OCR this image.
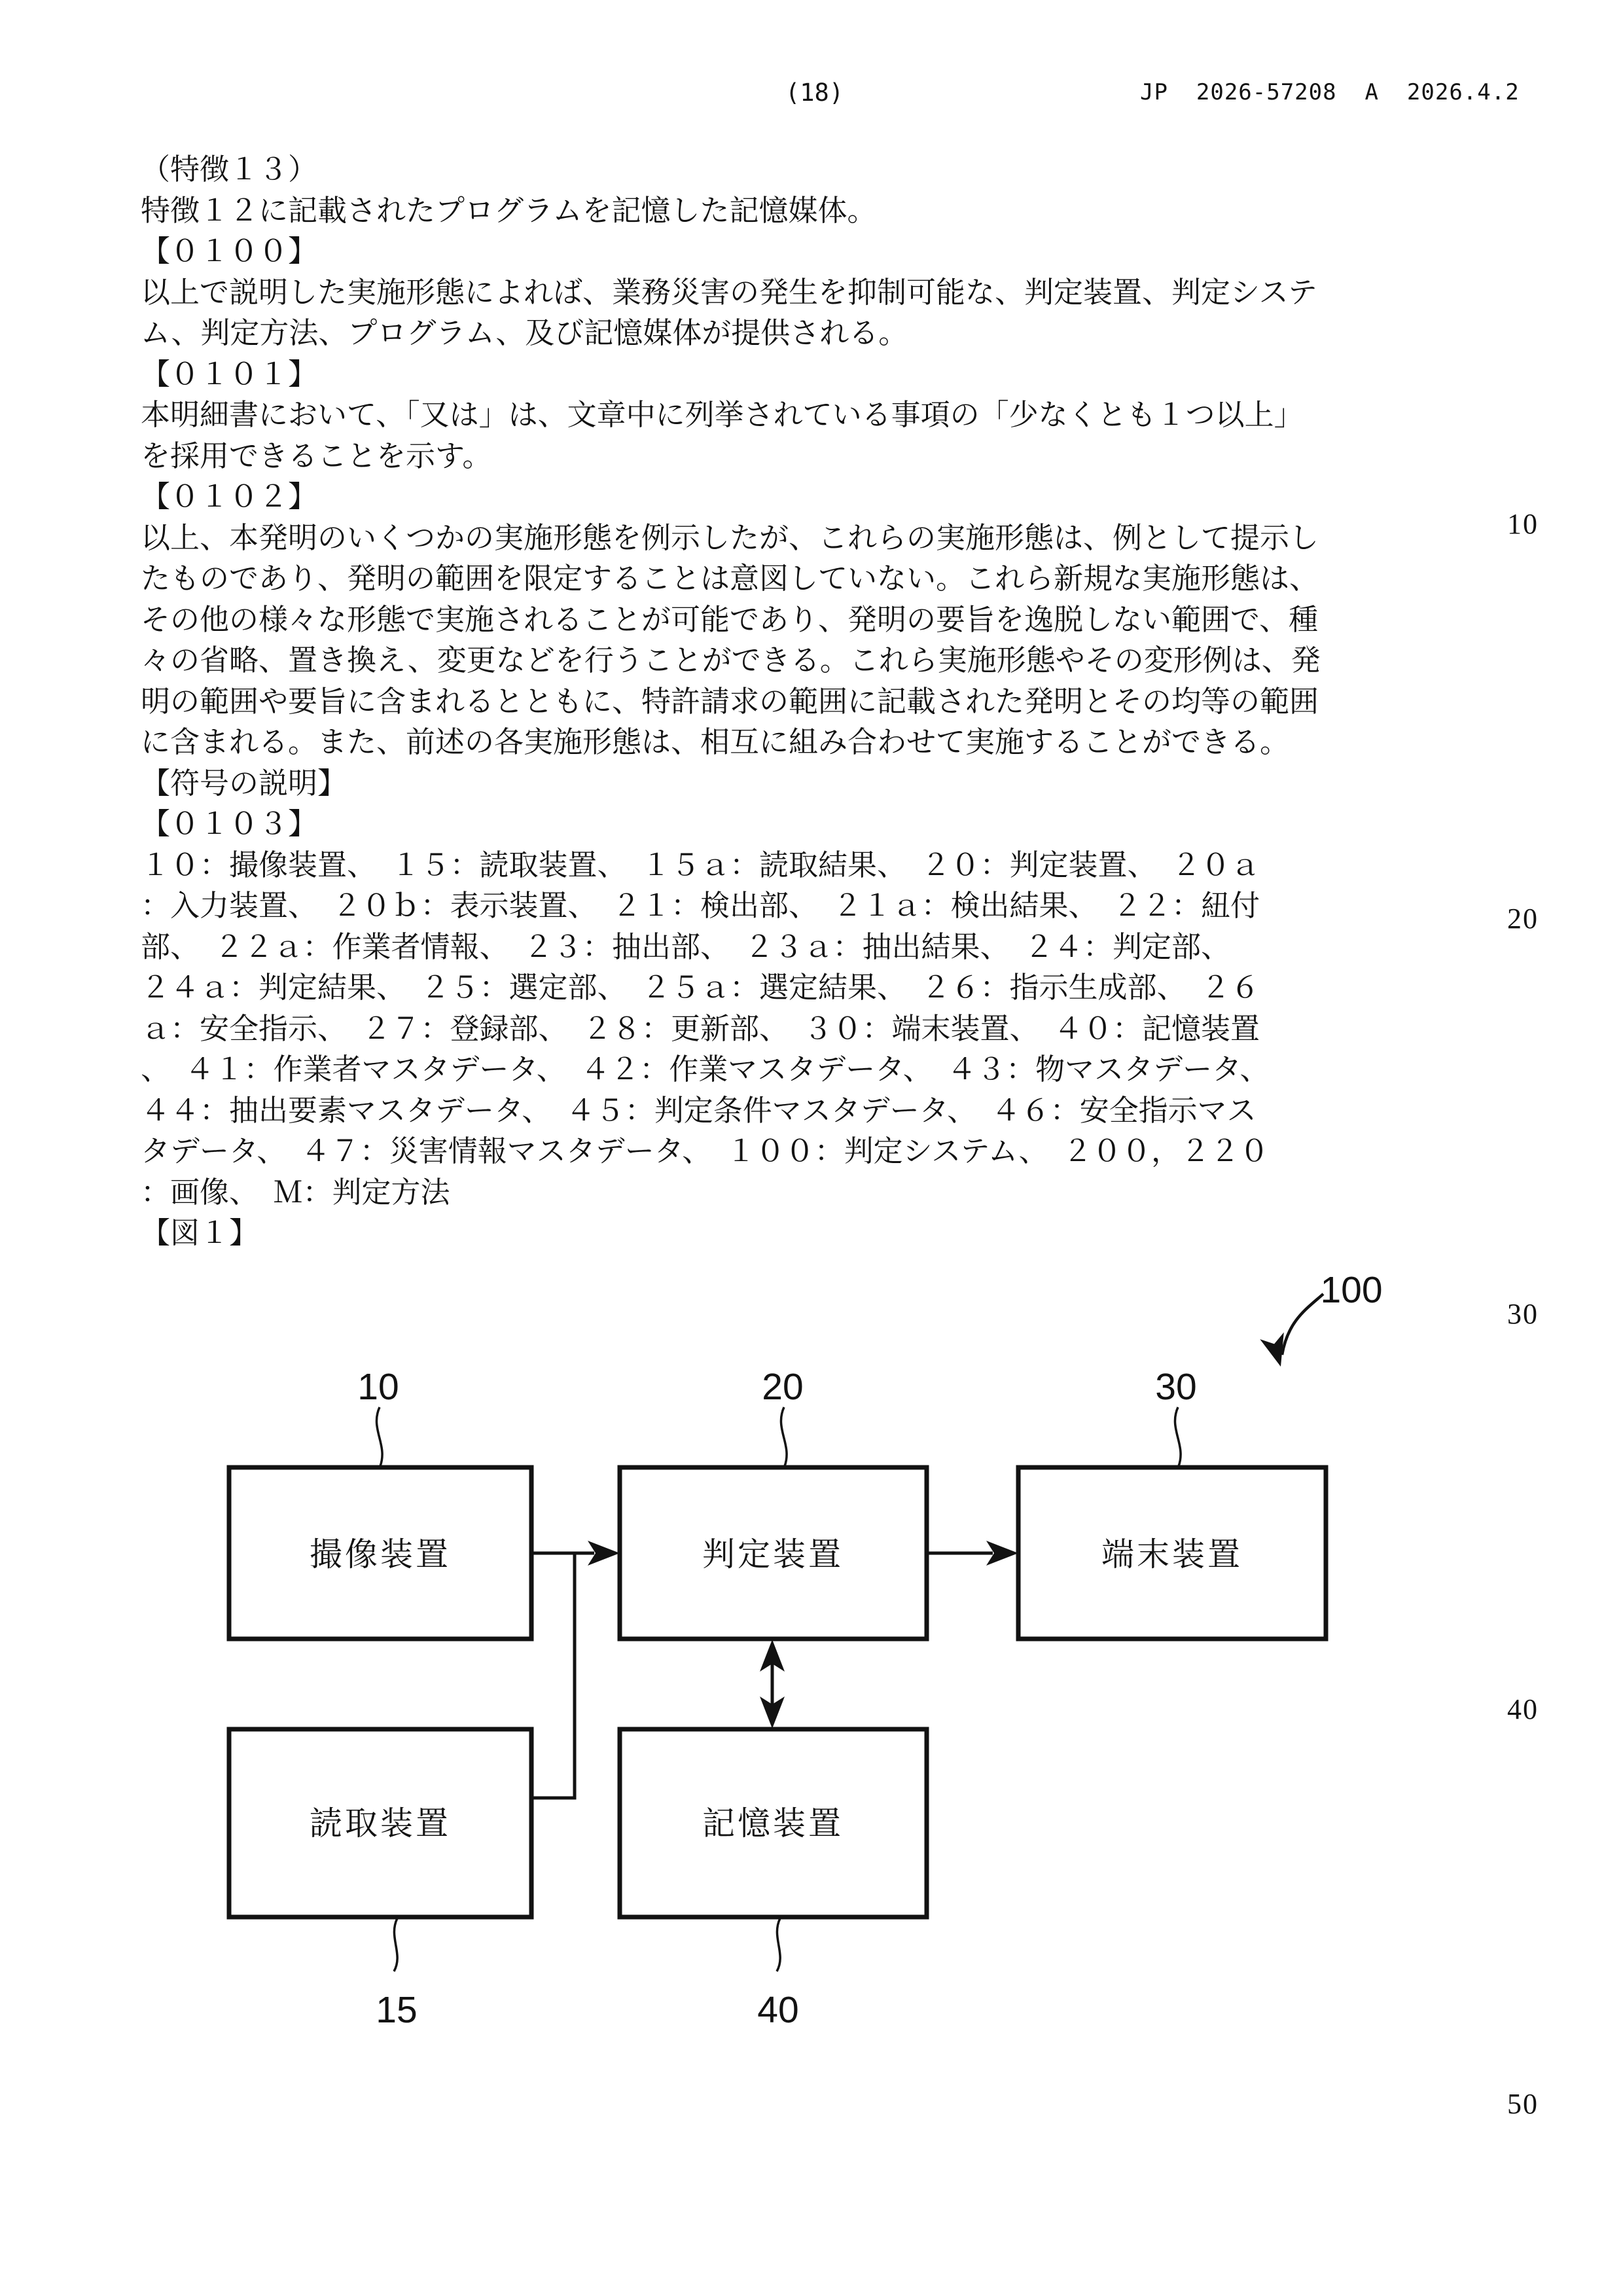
(18)	JP  2026-57208  A  2026.4.2
（特徴１３）
特徴１２に記載されたプログラムを記憶した記憶媒体。
【０１００】
以上で説明した実施形態によれば、業務災害の発生を抑制可能な、判定装置、判定システ
ム、判定方法、プログラム、及び記憶媒体が提供される。
【０１０１】
本明細書において、「又は」は、文章中に列挙されている事項の「少なくとも１つ以上」
を採用できることを示す。
【０１０２】
以上、本発明のいくつかの実施形態を例示したが、これらの実施形態は、例として提示し
たものであり、発明の範囲を限定することは意図していない。これら新規な実施形態は、
その他の様々な形態で実施されることが可能であり、発明の要旨を逸脱しない範囲で、種
々の省略、置き換え、変更などを行うことができる。これら実施形態やその変形例は、発
明の範囲や要旨に含まれるとともに、特許請求の範囲に記載された発明とその均等の範囲
に含まれる。また、前述の各実施形態は、相互に組み合わせて実施することができる。
【符号の説明】
【０１０３】
１０：撮像装置、　１５：読取装置、　１５ａ：読取結果、　２０：判定装置、　２０ａ
：入力装置、　２０ｂ：表示装置、　２１：検出部、　２１ａ：検出結果、　２２：紐付
部、　２２ａ：作業者情報、　２３：抽出部、　２３ａ：抽出結果、　２４：判定部、
２４ａ：判定結果、　２５：選定部、　２５ａ：選定結果、　２６：指示生成部、　２６
ａ：安全指示、　２７：登録部、　２８：更新部、　３０：端末装置、　４０：記憶装置
、　４１：作業者マスタデータ、　４２：作業マスタデータ、　４３：物マスタデータ、
４４：抽出要素マスタデータ、　４５：判定条件マスタデータ、　４６：安全指示マス
タデータ、　４７：災害情報マスタデータ、　１００：判定システム、　２００，２２０
：画像、　Ｍ：判定方法
【図１】
10
20
30
40
50
撮像装置	判定装置	端末装置
読取装置	記憶装置
100
10	20	30
15	40
